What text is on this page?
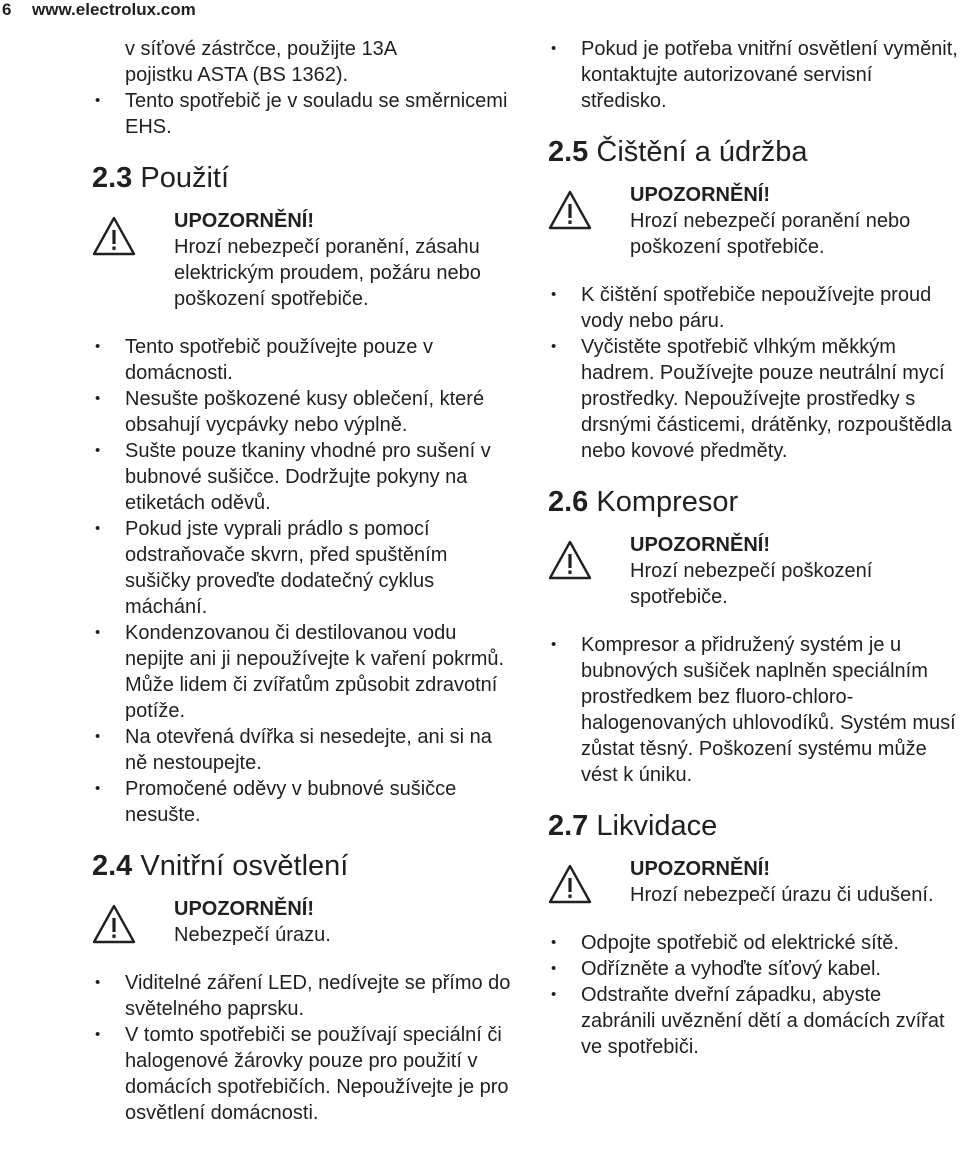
6 www.electrolux.com

v síťové zástrčce, použijte 13A

pojistku ASTA (BS 1362).

• Tento spotřebič je v souladu se směrnicemi EHS.
2.3 Použití
UPOZORNĚNÍ!
Hrozí nebezpečí poranění, zásahu elektrickým proudem, požáru nebo poškození spotřebiče.
• Tento spotřebič používejte pouze v domácnosti.
• Nesušte poškozené kusy oblečení, které obsahují vycpávky nebo výplně.
• Sušte pouze tkaniny vhodné pro sušení v bubnové sušičce. Dodržujte pokyny na etiketách oděvů.
• Pokud jste vyprali prádlo s pomocí odstraňovače skvrn, před spuštěním sušičky proveďte dodatečný cyklus máchání.
• Kondenzovanou či destilovanou vodu nepijte ani ji nepoužívejte k vaření pokrmů. Může lidem či zvířatům způsobit zdravotní potíže.
• Na otevřená dvířka si nesedejte, ani si na ně nestoupejte.
• Promočené oděvy v bubnové sušičce nesušte.
2.4 Vnitřní osvětlení
UPOZORNĚNÍ!
Nebezpečí úrazu.
• Viditelné záření LED, nedívejte se přímo do světelného paprsku.
• V tomto spotřebiči se používají speciální či halogenové žárovky pouze pro použití v domácích spotřebičích. Nepoužívejte je pro osvětlení domácnosti.
• Pokud je potřeba vnitřní osvětlení vyměnit, kontaktujte autorizované servisní středisko.
2.5 Čištění a údržba
UPOZORNĚNÍ!
Hrozí nebezpečí poranění nebo poškození spotřebiče.
• K čištění spotřebiče nepoužívejte proud vody nebo páru.
• Vyčistěte spotřebič vlhkým měkkým hadrem. Používejte pouze neutrální mycí prostředky. Nepoužívejte prostředky s drsnými částicemi, drátěnky, rozpouštědla nebo kovové předměty.
2.6 Kompresor
UPOZORNĚNÍ!
Hrozí nebezpečí poškození spotřebiče.
• Kompresor a přidružený systém je u bubnových sušiček naplněn speciálním prostředkem bez fluoro-chloro- halogenovaných uhlovodíků. Systém musí zůstat těsný. Poškození systému může vést k úniku.
2.7 Likvidace
UPOZORNĚNÍ!
Hrozí nebezpečí úrazu či udušení.
• Odpojte spotřebič od elektrické sítě.
• Odřízněte a vyhoďte síťový kabel.
• Odstraňte dveřní západku, abyste zabránili uvěznění dětí a domácích zvířat ve spotřebiči.
